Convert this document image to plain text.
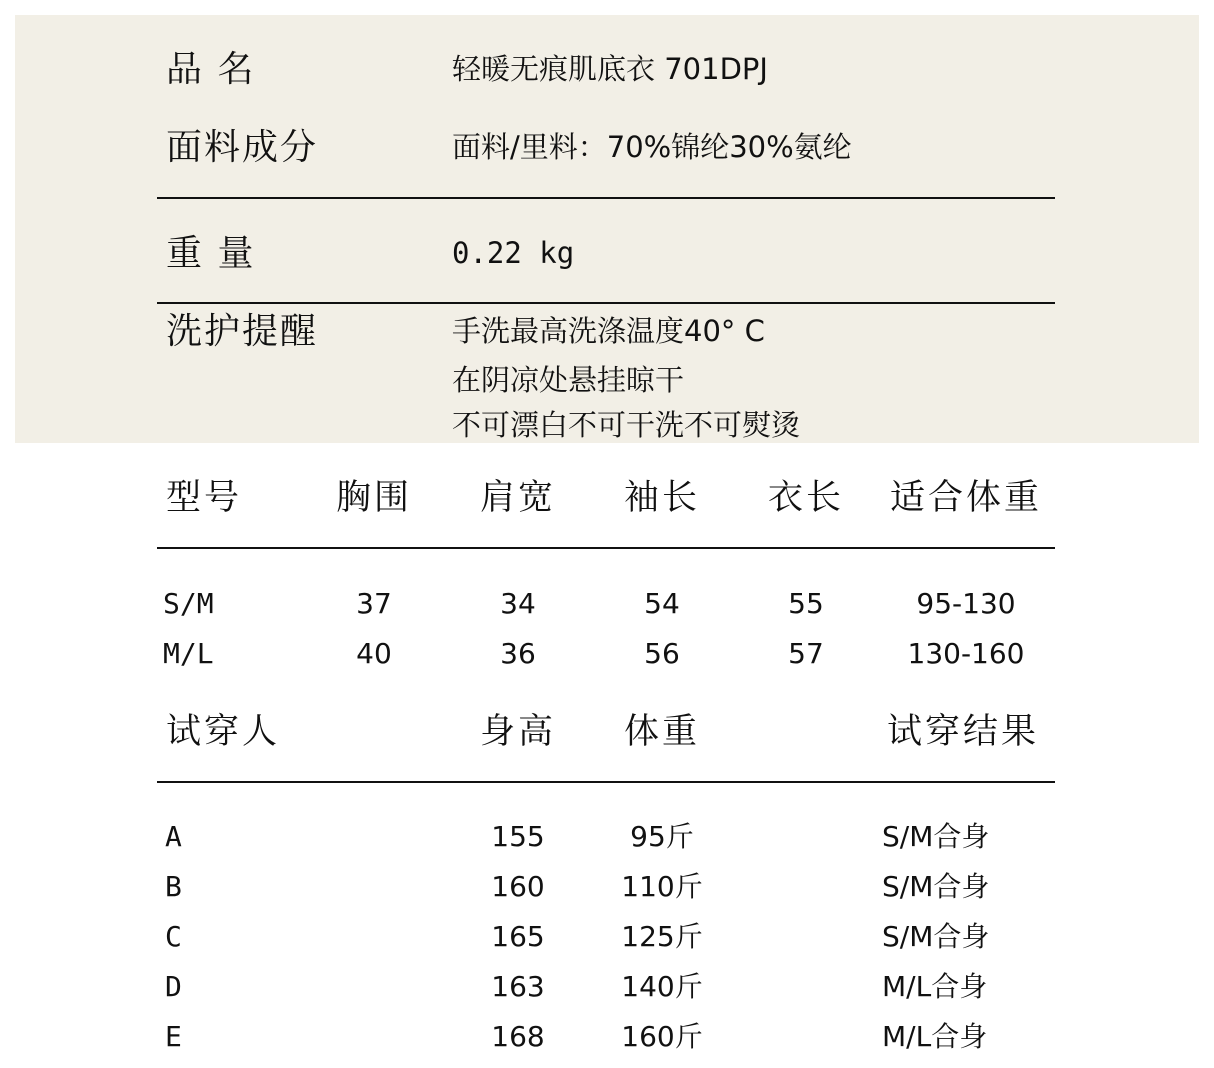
品 名	轻暖无痕肌底衣 701DPJ
面料成分	面料/里料：70%锦纶30%氨纶
重 量	0.22 kg
洗护提醒	手洗最高洗涤温度40° C
在阴凉处悬挂晾干
不可漂白不可干洗不可熨烫
型号	胸围 肩宽 袖长 衣长 适合体重
S/M	37	34	54	55	95-130
M/L	40	36	56	57	130-160
试穿人	身高 体重	试穿结果
A	155	95斤	S/M合身
B	160	110斤	S/M合身
C	165	125斤	S/M合身
D	163	140斤	M/L合身
E	168	160斤	M/L合身
